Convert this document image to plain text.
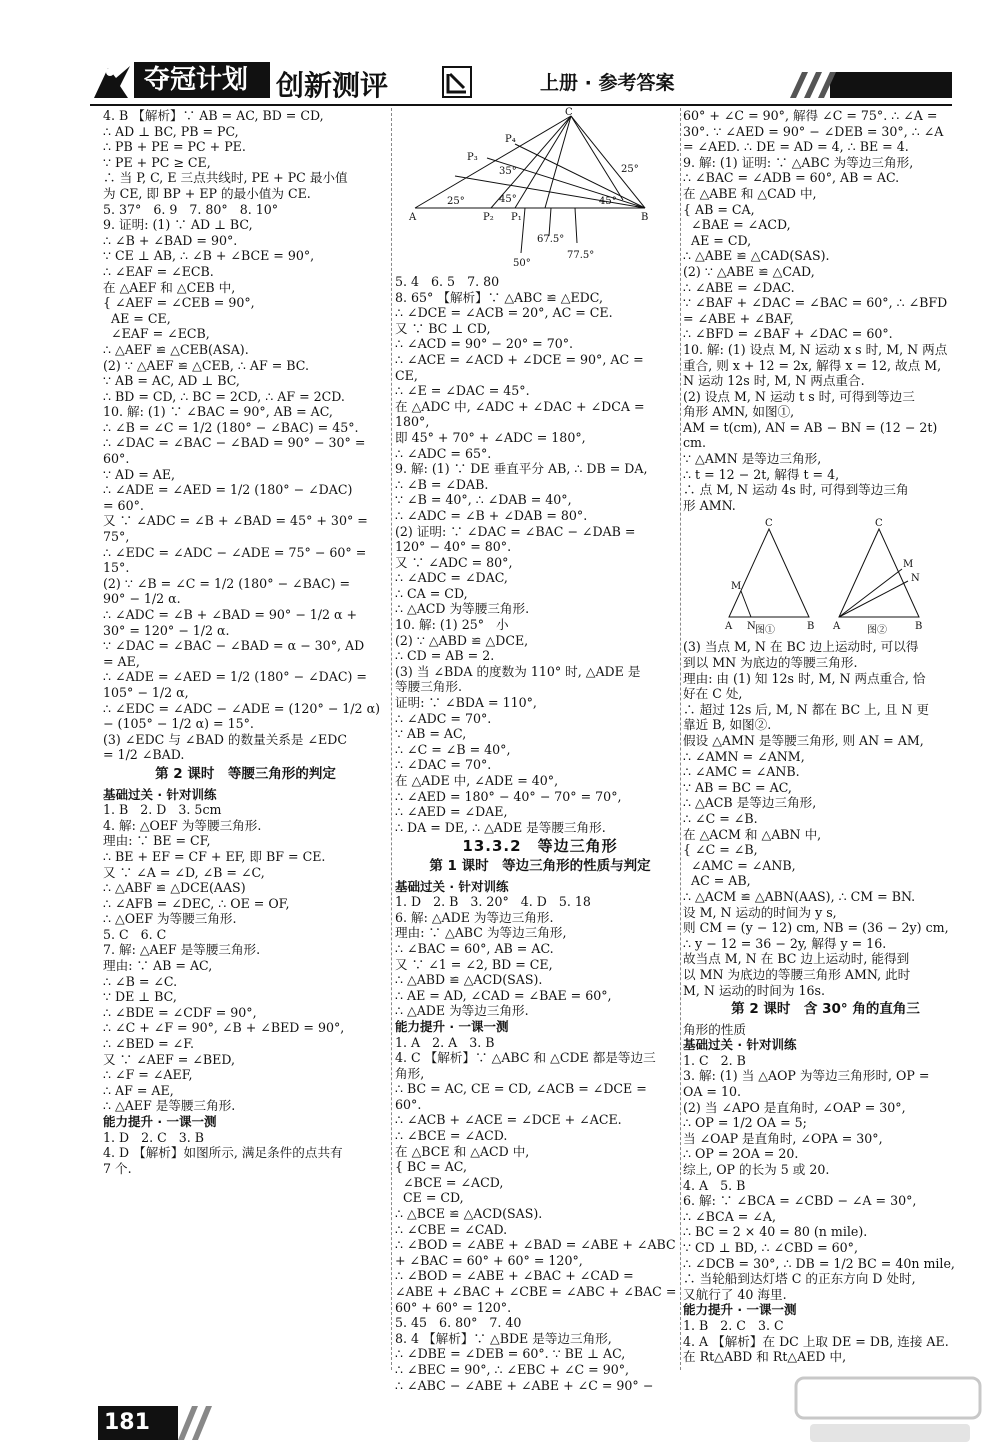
夺冠计划 创新测评	上册 · 参考答案

4. B 【解析】∵ AB = AC, BD = CD,

∴ AD ⊥ BC, PB = PC,

∴ PB + PE = PC + PE.

∵ PE + PC ≥ CE,

∴ 当 P, C, E 三点共线时, PE + PC 最小值

为 CE, 即 BP + EP 的最小值为 CE.

5. 37°   6. 9   7. 80°   8. 10°

9. 证明: (1) ∵ AD ⊥ BC,

∴ ∠B + ∠BAD = 90°.

∵ CE ⊥ AB, ∴ ∠B + ∠BCE = 90°,

∴ ∠EAF = ∠ECB.

在 △AEF 和 △CEB 中,

{ ∠AEF = ∠CEB = 90°,

AE = CE,

∠EAF = ∠ECB,

∴ △AEF ≌ △CEB(ASA).

(2) ∵ △AEF ≌ △CEB, ∴ AF = BC.

∵ AB = AC, AD ⊥ BC,

∴ BD = CD, ∴ BC = 2CD, ∴ AF = 2CD.

10. 解: (1) ∵ ∠BAC = 90°, AB = AC,

∴ ∠B = ∠C = 1/2 (180° − ∠BAC) = 45°.

∴ ∠DAC = ∠BAC − ∠BAD = 90° − 30° =

60°.

∵ AD = AE,

∴ ∠ADE = ∠AED = 1/2 (180° − ∠DAC)

= 60°.

又 ∵ ∠ADC = ∠B + ∠BAD = 45° + 30° =

75°,

∴ ∠EDC = ∠ADC − ∠ADE = 75° − 60° =

15°.

(2) ∵ ∠B = ∠C = 1/2 (180° − ∠BAC) =

90° − 1/2 α.

∴ ∠ADC = ∠B + ∠BAD = 90° − 1/2 α +

30° = 120° − 1/2 α.

∵ ∠DAC = ∠BAC − ∠BAD = α − 30°, AD

= AE,

∴ ∠ADE = ∠AED = 1/2 (180° − ∠DAC) =

105° − 1/2 α,

∴ ∠EDC = ∠ADC − ∠ADE = (120° − 1/2 α)

− (105° − 1/2 α) = 15°.

(3) ∠EDC 与 ∠BAD 的数量关系是 ∠EDC

= 1/2 ∠BAD.

第 2 课时　等腰三角形的判定

基础过关 · 针对训练

1. B   2. D   3. 5cm

4. 解: △OEF 为等腰三角形.

理由: ∵ BE = CF,

∴ BE + EF = CF + EF, 即 BF = CE.

又 ∵ ∠A = ∠D, ∠B = ∠C,

∴ △ABF ≌ △DCE(AAS)

∴ ∠AFB = ∠DEC, ∴ OE = OF,

∴ △OEF 为等腰三角形.

5. C   6. C

7. 解: △AEF 是等腰三角形.

理由: ∵ AB = AC,

∴ ∠B = ∠C.

∵ DE ⊥ BC,

∴ ∠BDE = ∠CDF = 90°,

∴ ∠C + ∠F = 90°, ∠B + ∠BED = 90°,

∴ ∠BED = ∠F.

又 ∵ ∠AEF = ∠BED,

∴ ∠F = ∠AEF,

∴ AF = AE,

∴ △AEF 是等腰三角形.

能力提升 · 一课一测

1. D   2. C   3. B

4. D 【解析】如图所示, 满足条件的点共有

7 个.

C
P₄
P₃
P₂ P₁
A	B
25°
35°
45°
25°
45°
67.5°
50°
77.5°

5. 4   6. 5   7. 80

8. 65° 【解析】∵ △ABC ≌ △EDC,

∴ ∠DCE = ∠ACB = 20°, AC = CE.

又 ∵ BC ⊥ CD,

∴ ∠ACD = 90° − 20° = 70°.

∴ ∠ACE = ∠ACD + ∠DCE = 90°, AC =

CE,

∴ ∠E = ∠DAC = 45°.

在 △ADC 中, ∠ADC + ∠DAC + ∠DCA =

180°,

即 45° + 70° + ∠ADC = 180°,

∴ ∠ADC = 65°.

9. 解: (1) ∵ DE 垂直平分 AB, ∴ DB = DA,

∴ ∠B = ∠DAB.

∵ ∠B = 40°, ∴ ∠DAB = 40°,

∴ ∠ADC = ∠B + ∠DAB = 80°.

(2) 证明: ∵ ∠DAC = ∠BAC − ∠DAB =

120° − 40° = 80°.

又 ∵ ∠ADC = 80°,

∴ ∠ADC = ∠DAC,

∴ CA = CD,

∴ △ACD 为等腰三角形.

10. 解: (1) 25°   小

(2) ∵ △ABD ≌ △DCE,

∴ CD = AB = 2.

(3) 当 ∠BDA 的度数为 110° 时, △ADE 是

等腰三角形.

证明: ∵ ∠BDA = 110°,

∴ ∠ADC = 70°.

∵ AB = AC,

∴ ∠C = ∠B = 40°,

∴ ∠DAC = 70°.

在 △ADE 中, ∠ADE = 40°,

∴ ∠AED = 180° − 40° − 70° = 70°,

∴ ∠AED = ∠DAE,

∴ DA = DE, ∴ △ADE 是等腰三角形.

13.3.2　等边三角形

第 1 课时　等边三角形的性质与判定

基础过关 · 针对训练

1. D   2. B   3. 20°   4. D   5. 18

6. 解: △ADE 为等边三角形.

理由: ∵ △ABC 为等边三角形,

∴ ∠BAC = 60°, AB = AC.

又 ∵ ∠1 = ∠2, BD = CE,

∴ △ABD ≌ △ACD(SAS).

∴ AE = AD, ∠CAD = ∠BAE = 60°,

∴ △ADE 为等边三角形.

能力提升 · 一课一测

1. A   2. A   3. B

4. C 【解析】∵ △ABC 和 △CDE 都是等边三

角形,

∴ BC = AC, CE = CD, ∠ACB = ∠DCE =

60°.

∴ ∠ACB + ∠ACE = ∠DCE + ∠ACE.

∴ ∠BCE = ∠ACD.

在 △BCE 和 △ACD 中,

{ BC = AC,

∠BCE = ∠ACD,

CE = CD,

∴ △BCE ≌ △ACD(SAS).

∴ ∠CBE = ∠CAD.

∴ ∠BOD = ∠ABE + ∠BAD = ∠ABE + ∠ABC

+ ∠BAC = 60° + 60° = 120°,

∴ ∠BOD = ∠ABE + ∠BAC + ∠CAD =

∠ABE + ∠BAC + ∠CBE = ∠ABC + ∠BAC =

60° + 60° = 120°.

5. 45   6. 80°   7. 40

8. 4 【解析】∵ △BDE 是等边三角形,

∴ ∠DBE = ∠DEB = 60°. ∵ BE ⊥ AC,

∴ ∠BEC = 90°, ∴ ∠EBC + ∠C = 90°,

∴ ∠ABC − ∠ABE + ∠ABE + ∠C = 90° −

60° + ∠C = 90°, 解得 ∠C = 75°. ∴ ∠A =

30°. ∵ ∠AED = 90° − ∠DEB = 30°, ∴ ∠A

= ∠AED. ∴ DE = AD = 4, ∴ BE = 4.

9. 解: (1) 证明: ∵ △ABC 为等边三角形,

∴ ∠BAC = ∠ADB = 60°, AB = AC.

在 △ABE 和 △CAD 中,

{ AB = CA,

∠BAE = ∠ACD,

AE = CD,

∴ △ABE ≌ △CAD(SAS).

(2) ∵ △ABE ≌ △CAD,

∴ ∠ABE = ∠DAC.

∵ ∠BAF + ∠DAC = ∠BAC = 60°, ∴ ∠BFD

= ∠ABE + ∠BAF,

∴ ∠BFD = ∠BAF + ∠DAC = 60°.

10. 解: (1) 设点 M, N 运动 x s 时, M, N 两点

重合, 则 x + 12 = 2x, 解得 x = 12, 故点 M,

N 运动 12s 时, M, N 两点重合.

(2) 设点 M, N 运动 t s 时, 可得到等边三

角形 AMN, 如图①,

AM = t(cm), AN = AB − BN = (12 − 2t)

cm.

∵ △AMN 是等边三角形,

∴ t = 12 − 2t, 解得 t = 4,

∴ 点 M, N 运动 4s 时, 可得到等边三角

形 AMN.

C
M
A N	B
图①
C
M
N
A	B
图②

(3) 当点 M, N 在 BC 边上运动时, 可以得

到以 MN 为底边的等腰三角形.

理由: 由 (1) 知 12s 时, M, N 两点重合, 恰

好在 C 处,

∴ 超过 12s 后, M, N 都在 BC 上, 且 N 更

靠近 B, 如图②.

假设 △AMN 是等腰三角形, 则 AN = AM,

∴ ∠AMN = ∠ANM,

∴ ∠AMC = ∠ANB.

∵ AB = BC = AC,

∴ △ACB 是等边三角形,

∴ ∠C = ∠B.

在 △ACM 和 △ABN 中,

{ ∠C = ∠B,

∠AMC = ∠ANB,

AC = AB,

∴ △ACM ≌ △ABN(AAS), ∴ CM = BN.

设 M, N 运动的时间为 y s,

则 CM = (y − 12) cm, NB = (36 − 2y) cm,

∴ y − 12 = 36 − 2y, 解得 y = 16.

故当点 M, N 在 BC 边上运动时, 能得到

以 MN 为底边的等腰三角形 AMN, 此时

M, N 运动的时间为 16s.

第 2 课时　含 30° 角的直角三

角形的性质

基础过关 · 针对训练

1. C   2. B

3. 解: (1) 当 △AOP 为等边三角形时, OP =

OA = 10.

(2) 当 ∠APO 是直角时, ∠OAP = 30°,

∴ OP = 1/2 OA = 5;

当 ∠OAP 是直角时, ∠OPA = 30°,

∴ OP = 2OA = 20.

综上, OP 的长为 5 或 20.

4. A   5. B

6. 解: ∵ ∠BCA = ∠CBD − ∠A = 30°,

∴ ∠BCA = ∠A,

∴ BC = 2 × 40 = 80 (n mile).

∵ CD ⊥ BD, ∴ ∠CBD = 60°,

∴ ∠DCB = 30°, ∴ DB = 1/2 BC = 40n mile,

∴ 当轮船到达灯塔 C 的正东方向 D 处时,

又航行了 40 海里.

能力提升 · 一课一测

1. B   2. C   3. C

4. A 【解析】在 DC 上取 DE = DB, 连接 AE.

在 Rt△ABD 和 Rt△AED 中,

181
